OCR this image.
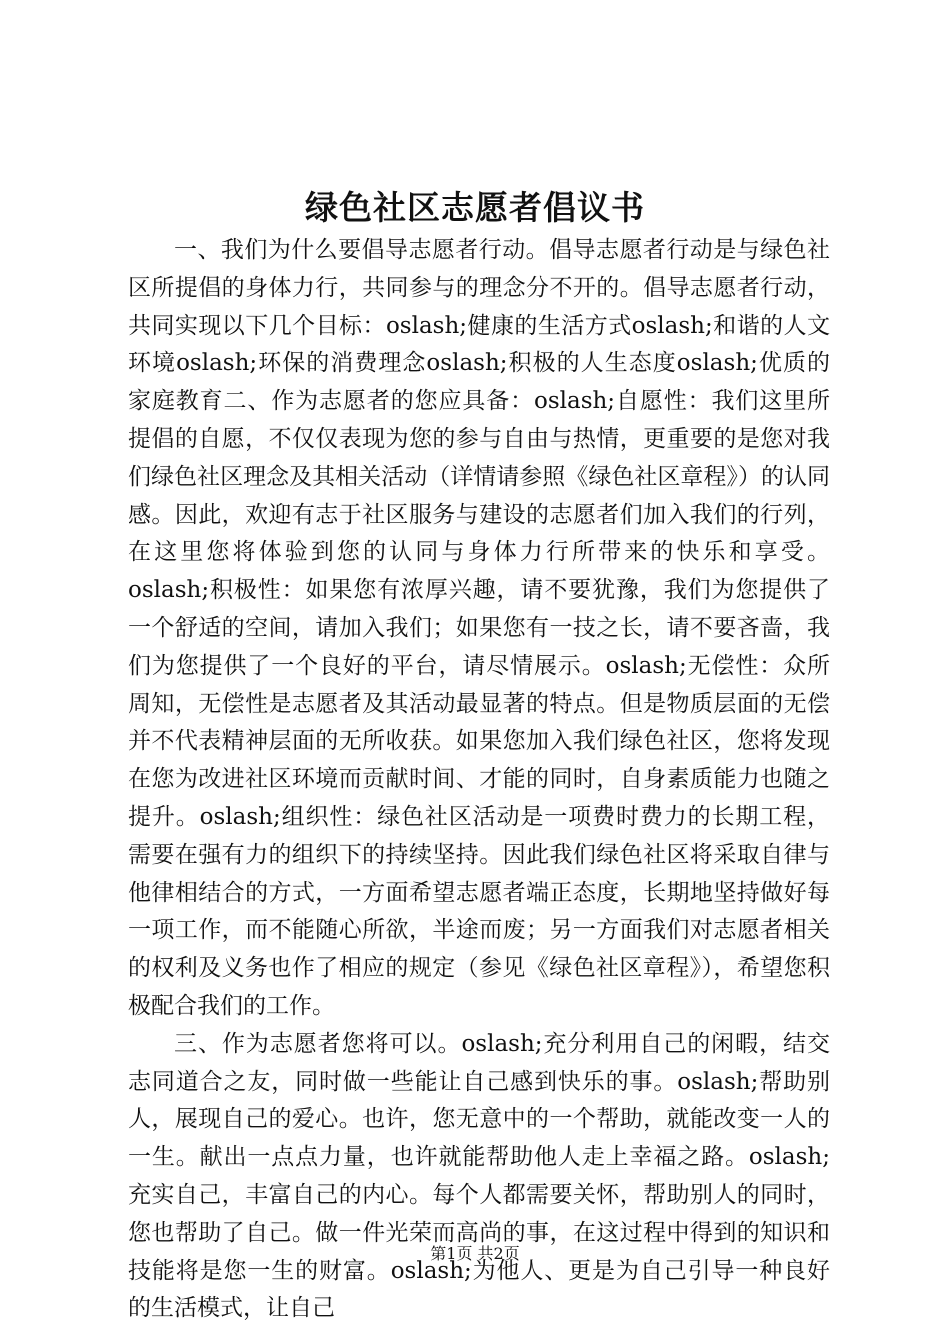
绿色社区志愿者倡议书

一、我们为什么要倡导志愿者行动。倡导志愿者行动是与绿色社区所提倡的身体力行，共同参与的理念分不开的。倡导志愿者行动，共同实现以下几个目标：oslash;健康的生活方式oslash;和谐的人文环境oslash;环保的消费理念oslash;积极的人生态度oslash;优质的家庭教育二、作为志愿者的您应具备：oslash;自愿性：我们这里所提倡的自愿，不仅仅表现为您的参与自由与热情，更重要的是您对我们绿色社区理念及其相关活动（详情请参照《绿色社区章程》）的认同感。因此，欢迎有志于社区服务与建设的志愿者们加入我们的行列，在这里您将体验到您的认同与身体力行所带来的快乐和享受。oslash;积极性：如果您有浓厚兴趣，请不要犹豫，我们为您提供了一个舒适的空间，请加入我们；如果您有一技之长，请不要吝啬，我们为您提供了一个良好的平台，请尽情展示。oslash;无偿性：众所周知，无偿性是志愿者及其活动最显著的特点。但是物质层面的无偿并不代表精神层面的无所收获。如果您加入我们绿色社区，您将发现在您为改进社区环境而贡献时间、才能的同时，自身素质能力也随之提升。oslash;组织性：绿色社区活动是一项费时费力的长期工程，需要在强有力的组织下的持续坚持。因此我们绿色社区将采取自律与他律相结合的方式，一方面希望志愿者端正态度，长期地坚持做好每一项工作，而不能随心所欲，半途而废；另一方面我们对志愿者相关的权利及义务也作了相应的规定（参见《绿色社区章程》），希望您积极配合我们的工作。

三、作为志愿者您将可以。oslash;充分利用自己的闲暇，结交志同道合之友，同时做一些能让自己感到快乐的事。oslash;帮助别人，展现自己的爱心。也许，您无意中的一个帮助，就能改变一人的一生。献出一点点力量，也许就能帮助他人走上幸福之路。oslash;充实自己，丰富自己的内心。每个人都需要关怀，帮助别人的同时，您也帮助了自己。做一件光荣而高尚的事，在这过程中得到的知识和技能将是您一生的财富。oslash;为他人、更是为自己引导一种良好的生活模式，让自己

第1页 共2页
